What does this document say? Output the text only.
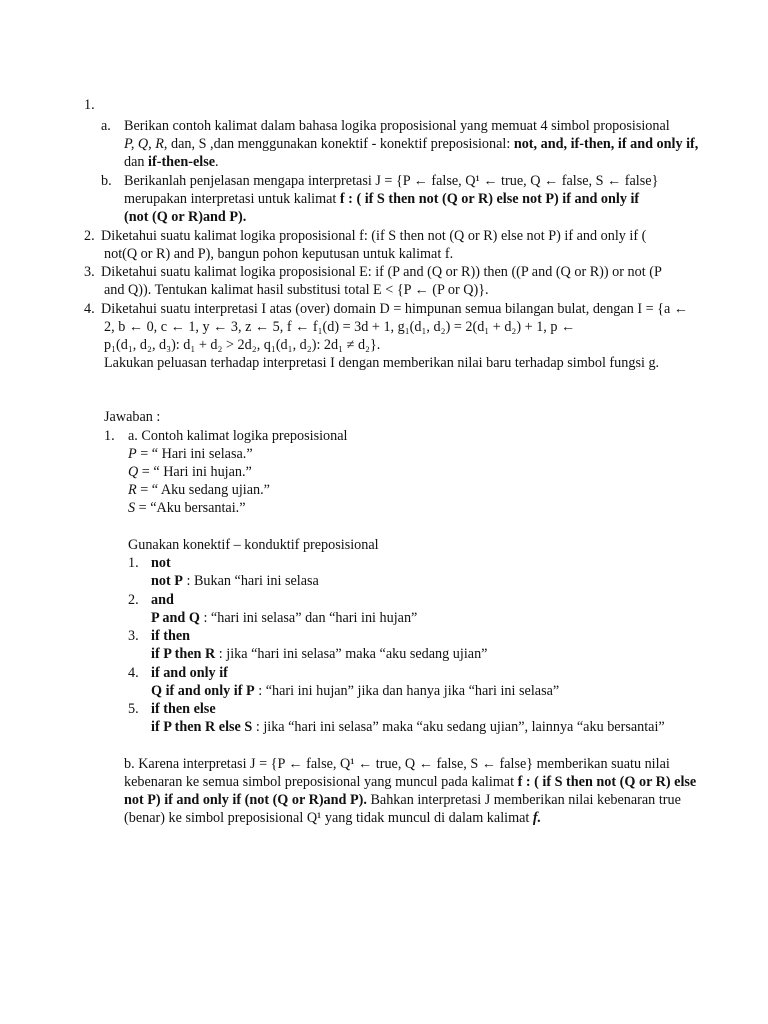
1.
a. Berikan contoh kalimat dalam bahasa logika proposisional yang memuat 4 simbol proposisional
P, Q, R, dan, S ,dan menggunakan konektif - konektif preposisional: not, and, if-then, if and only if,
dan if-then-else.
b. Berikanlah penjelasan mengapa interpretasi J = {P ← false, Q¹ ← true, Q ← false, S ← false}
merupakan interpretasi untuk kalimat f : ( if S then not (Q or R) else not P) if and only if
(not (Q or R)and P).
2. Diketahui suatu kalimat logika proposisional f: (if S then not (Q or R) else not P) if and only if (
not(Q or R) and P), bangun pohon keputusan untuk kalimat f.
3. Diketahui suatu kalimat logika proposisional E: if (P and (Q or R)) then ((P and (Q or R)) or not (P
and Q)). Tentukan kalimat hasil substitusi total E < {P ← (P or Q)}.
4. Diketahui suatu interpretasi I atas (over) domain D = himpunan semua bilangan bulat, dengan I = {a ←
2, b ← 0, c ← 1, y ← 3, z ← 5, f ← f₁(d) = 3d + 1, g₁(d₁, d₂) = 2(d₁ + d₂) + 1, p ←
p₁(d₁, d₂, d₃): d₁ + d₂ > 2d₂, q₁(d₁, d₂): 2d₁ ≠ d₂}.
Lakukan peluasan terhadap interpretasi I dengan memberikan nilai baru terhadap simbol fungsi g.
Jawaban :
1. a. Contoh kalimat logika preposisional
P = “ Hari ini selasa.”
Q = “ Hari ini hujan.”
R = “ Aku sedang ujian.”
S = “Aku bersantai.”
Gunakan konektif – konduktif preposisional
1. not
not P : Bukan “hari ini selasa
2. and
P and Q : “hari ini selasa” dan “hari ini hujan”
3. if then
if P then R : jika “hari ini selasa” maka “aku sedang ujian”
4. if and only if
Q if and only if P : “hari ini hujan” jika dan hanya jika “hari ini selasa”
5. if then else
if P then R else S : jika “hari ini selasa” maka “aku sedang ujian”, lainnya “aku bersantai”
b. Karena interpretasi J = {P ← false, Q¹ ← true, Q ← false, S ← false} memberikan suatu nilai
kebenaran ke semua simbol preposisional yang muncul pada kalimat f : ( if S then not (Q or R) else
not P) if and only if (not (Q or R)and P). Bahkan interpretasi J memberikan nilai kebenaran true
(benar) ke simbol preposisional Q¹ yang tidak muncul di dalam kalimat f.
